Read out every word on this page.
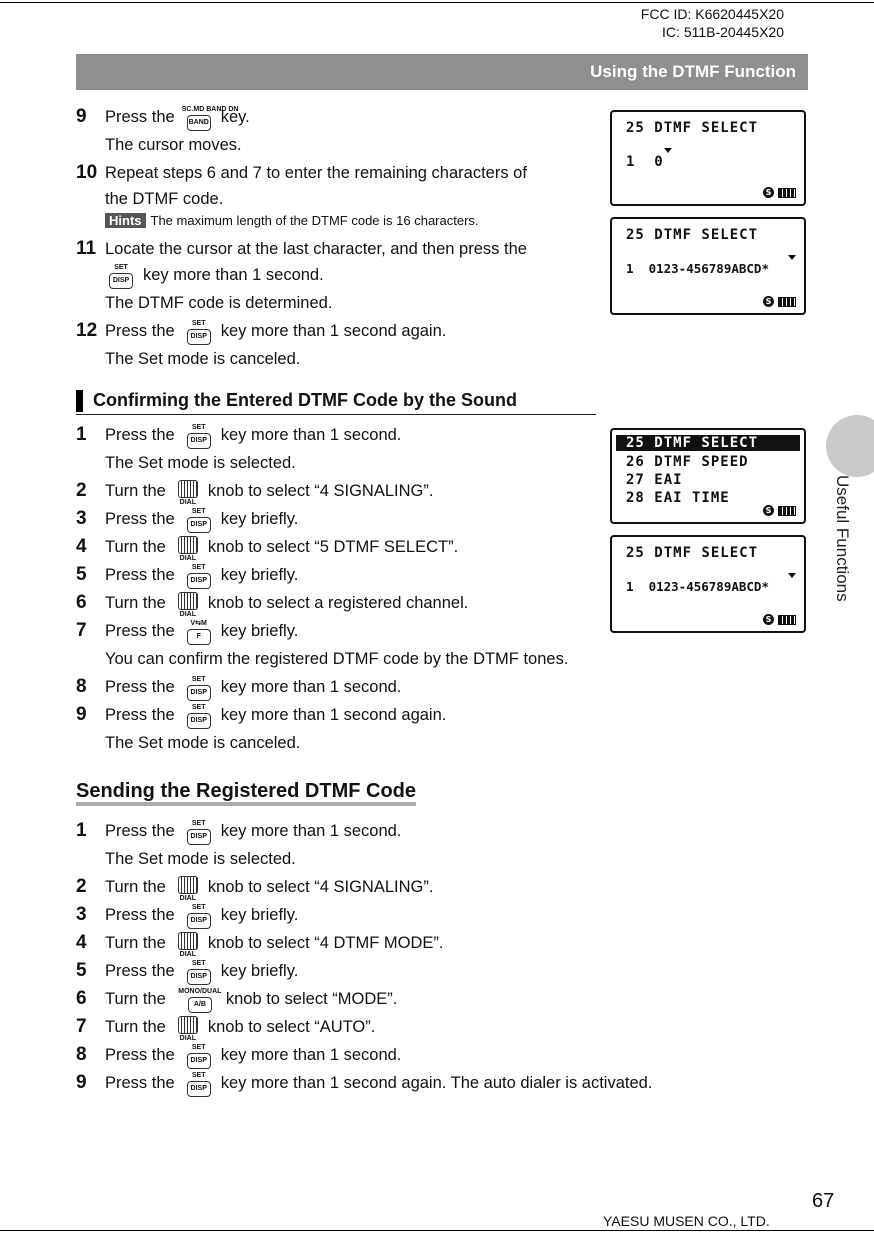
FCC ID: K6620445X20
IC: 511B-20445X20
Using the DTMF Function
Useful Functions
9 Press the SC.MD BAND DN
BAND key.
The cursor moves.
10 Repeat steps 6 and 7 to enter the remaining characters of
the DTMF code.
Hints The maximum length of the DTMF code is 16 characters.
11 Locate the cursor at the last character, and then press the
SET
DISP key more than 1 second.
The DTMF code is determined.
12 Press the	SET
DISP key more than 1 second again.
The Set mode is canceled.
25 DTMF SELECT
1  0
S
25 DTMF SELECT
1  0123-456789ABCD*
S
25 DTMF SELECT
26 DTMF SPEED
27 EAI
28 EAI TIME
S
25 DTMF SELECT
1  0123-456789ABCD*
S
Confirming the Entered DTMF Code by the Sound
1 Press the	SET
DISP key more than 1 second.
The Set mode is selected.
2 Turn the
DIAL
knob to select “4 SIGNALING”.
3 Press the	SET
DISP key briefly.
4 Turn the
DIAL
knob to select “5 DTMF SELECT”.
5 Press the	SET
DISP key briefly.
6 Turn the
DIAL
knob to select a registered channel.
7 Press the	V⇆M
F key briefly.
You can confirm the registered DTMF code by the DTMF tones.
8 Press the	SET
DISP key more than 1 second.
9 Press the	SET
DISP key more than 1 second again.
The Set mode is canceled.
Sending the Registered DTMF Code
1 Press the	SET
DISP key more than 1 second.
The Set mode is selected.
2 Turn the
DIAL
knob to select “4 SIGNALING”.
3 Press the	SET
DISP key briefly.
4 Turn the
DIAL
knob to select “4 DTMF MODE”.
5 Press the	SET
DISP key briefly.
6 Turn the MONO/DUAL
A/B knob to select “MODE”.
7 Turn the
DIAL
knob to select “AUTO”.
8 Press the	SET
DISP key more than 1 second.
9 Press the	SET
DISP key more than 1 second again. The auto dialer is activated.
67
YAESU MUSEN CO., LTD.
